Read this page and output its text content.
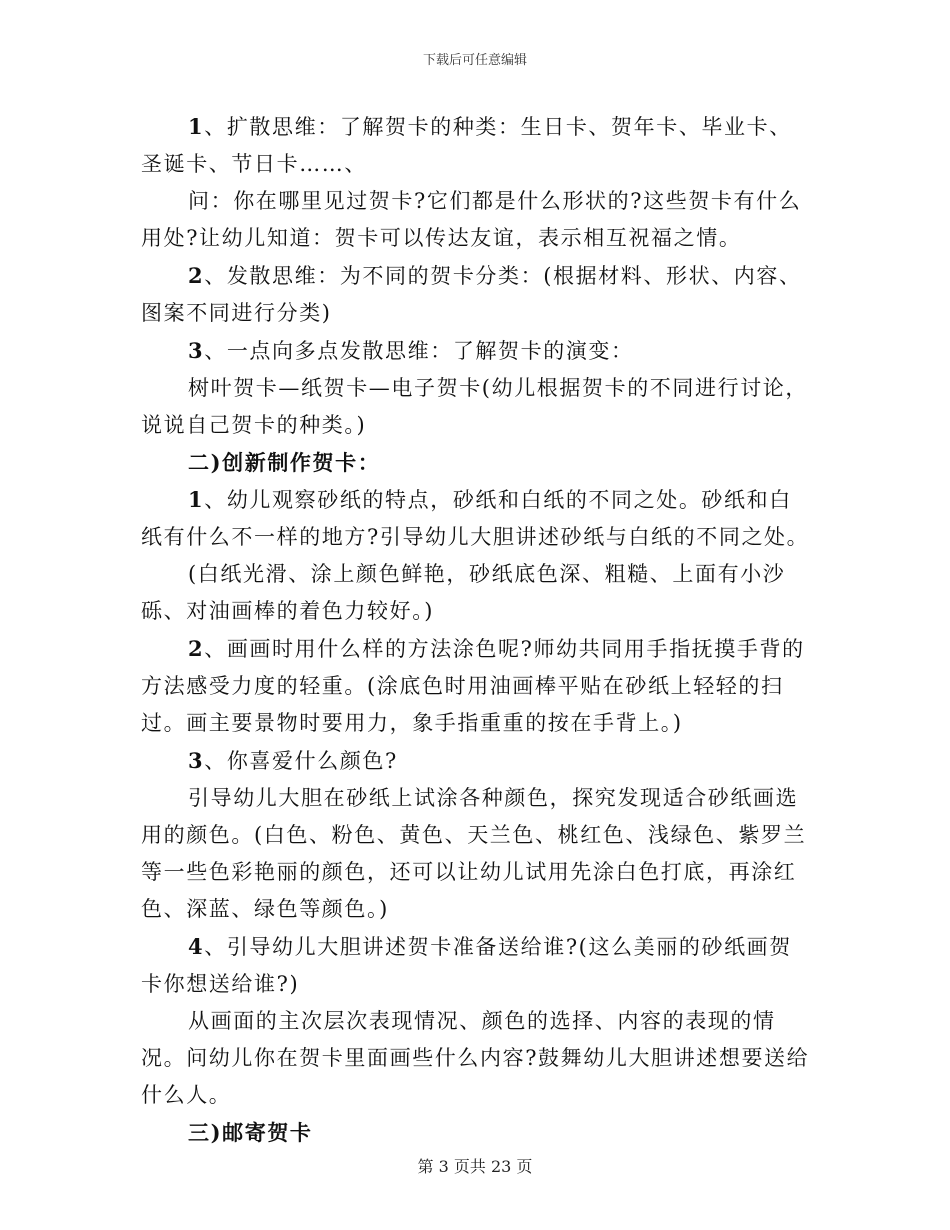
下载后可任意编辑

1、扩散思维：了解贺卡的种类：生日卡、贺年卡、毕业卡、圣诞卡、节日卡……、

问：你在哪里见过贺卡?它们都是什么形状的?这些贺卡有什么用处?让幼儿知道：贺卡可以传达友谊，表示相互祝福之情。

2、发散思维：为不同的贺卡分类：(根据材料、形状、内容、图案不同进行分类)

3、一点向多点发散思维：了解贺卡的演变：

树叶贺卡—纸贺卡—电子贺卡(幼儿根据贺卡的不同进行讨论，说说自己贺卡的种类。)

二)创新制作贺卡：

1、幼儿观察砂纸的特点，砂纸和白纸的不同之处。砂纸和白纸有什么不一样的地方?引导幼儿大胆讲述砂纸与白纸的不同之处。

(白纸光滑、涂上颜色鲜艳，砂纸底色深、粗糙、上面有小沙砾、对油画棒的着色力较好。)

2、画画时用什么样的方法涂色呢?师幼共同用手指抚摸手背的方法感受力度的轻重。(涂底色时用油画棒平贴在砂纸上轻轻的扫过。画主要景物时要用力，象手指重重的按在手背上。)

3、你喜爱什么颜色?

引导幼儿大胆在砂纸上试涂各种颜色，探究发现适合砂纸画选用的颜色。(白色、粉色、黄色、天兰色、桃红色、浅绿色、紫罗兰等一些色彩艳丽的颜色，还可以让幼儿试用先涂白色打底，再涂红色、深蓝、绿色等颜色。)

4、引导幼儿大胆讲述贺卡准备送给谁?(这么美丽的砂纸画贺卡你想送给谁?)

从画面的主次层次表现情况、颜色的选择、内容的表现的情况。问幼儿你在贺卡里面画些什么内容?鼓舞幼儿大胆讲述想要送给什么人。

三)邮寄贺卡

第 3 页共 23 页
